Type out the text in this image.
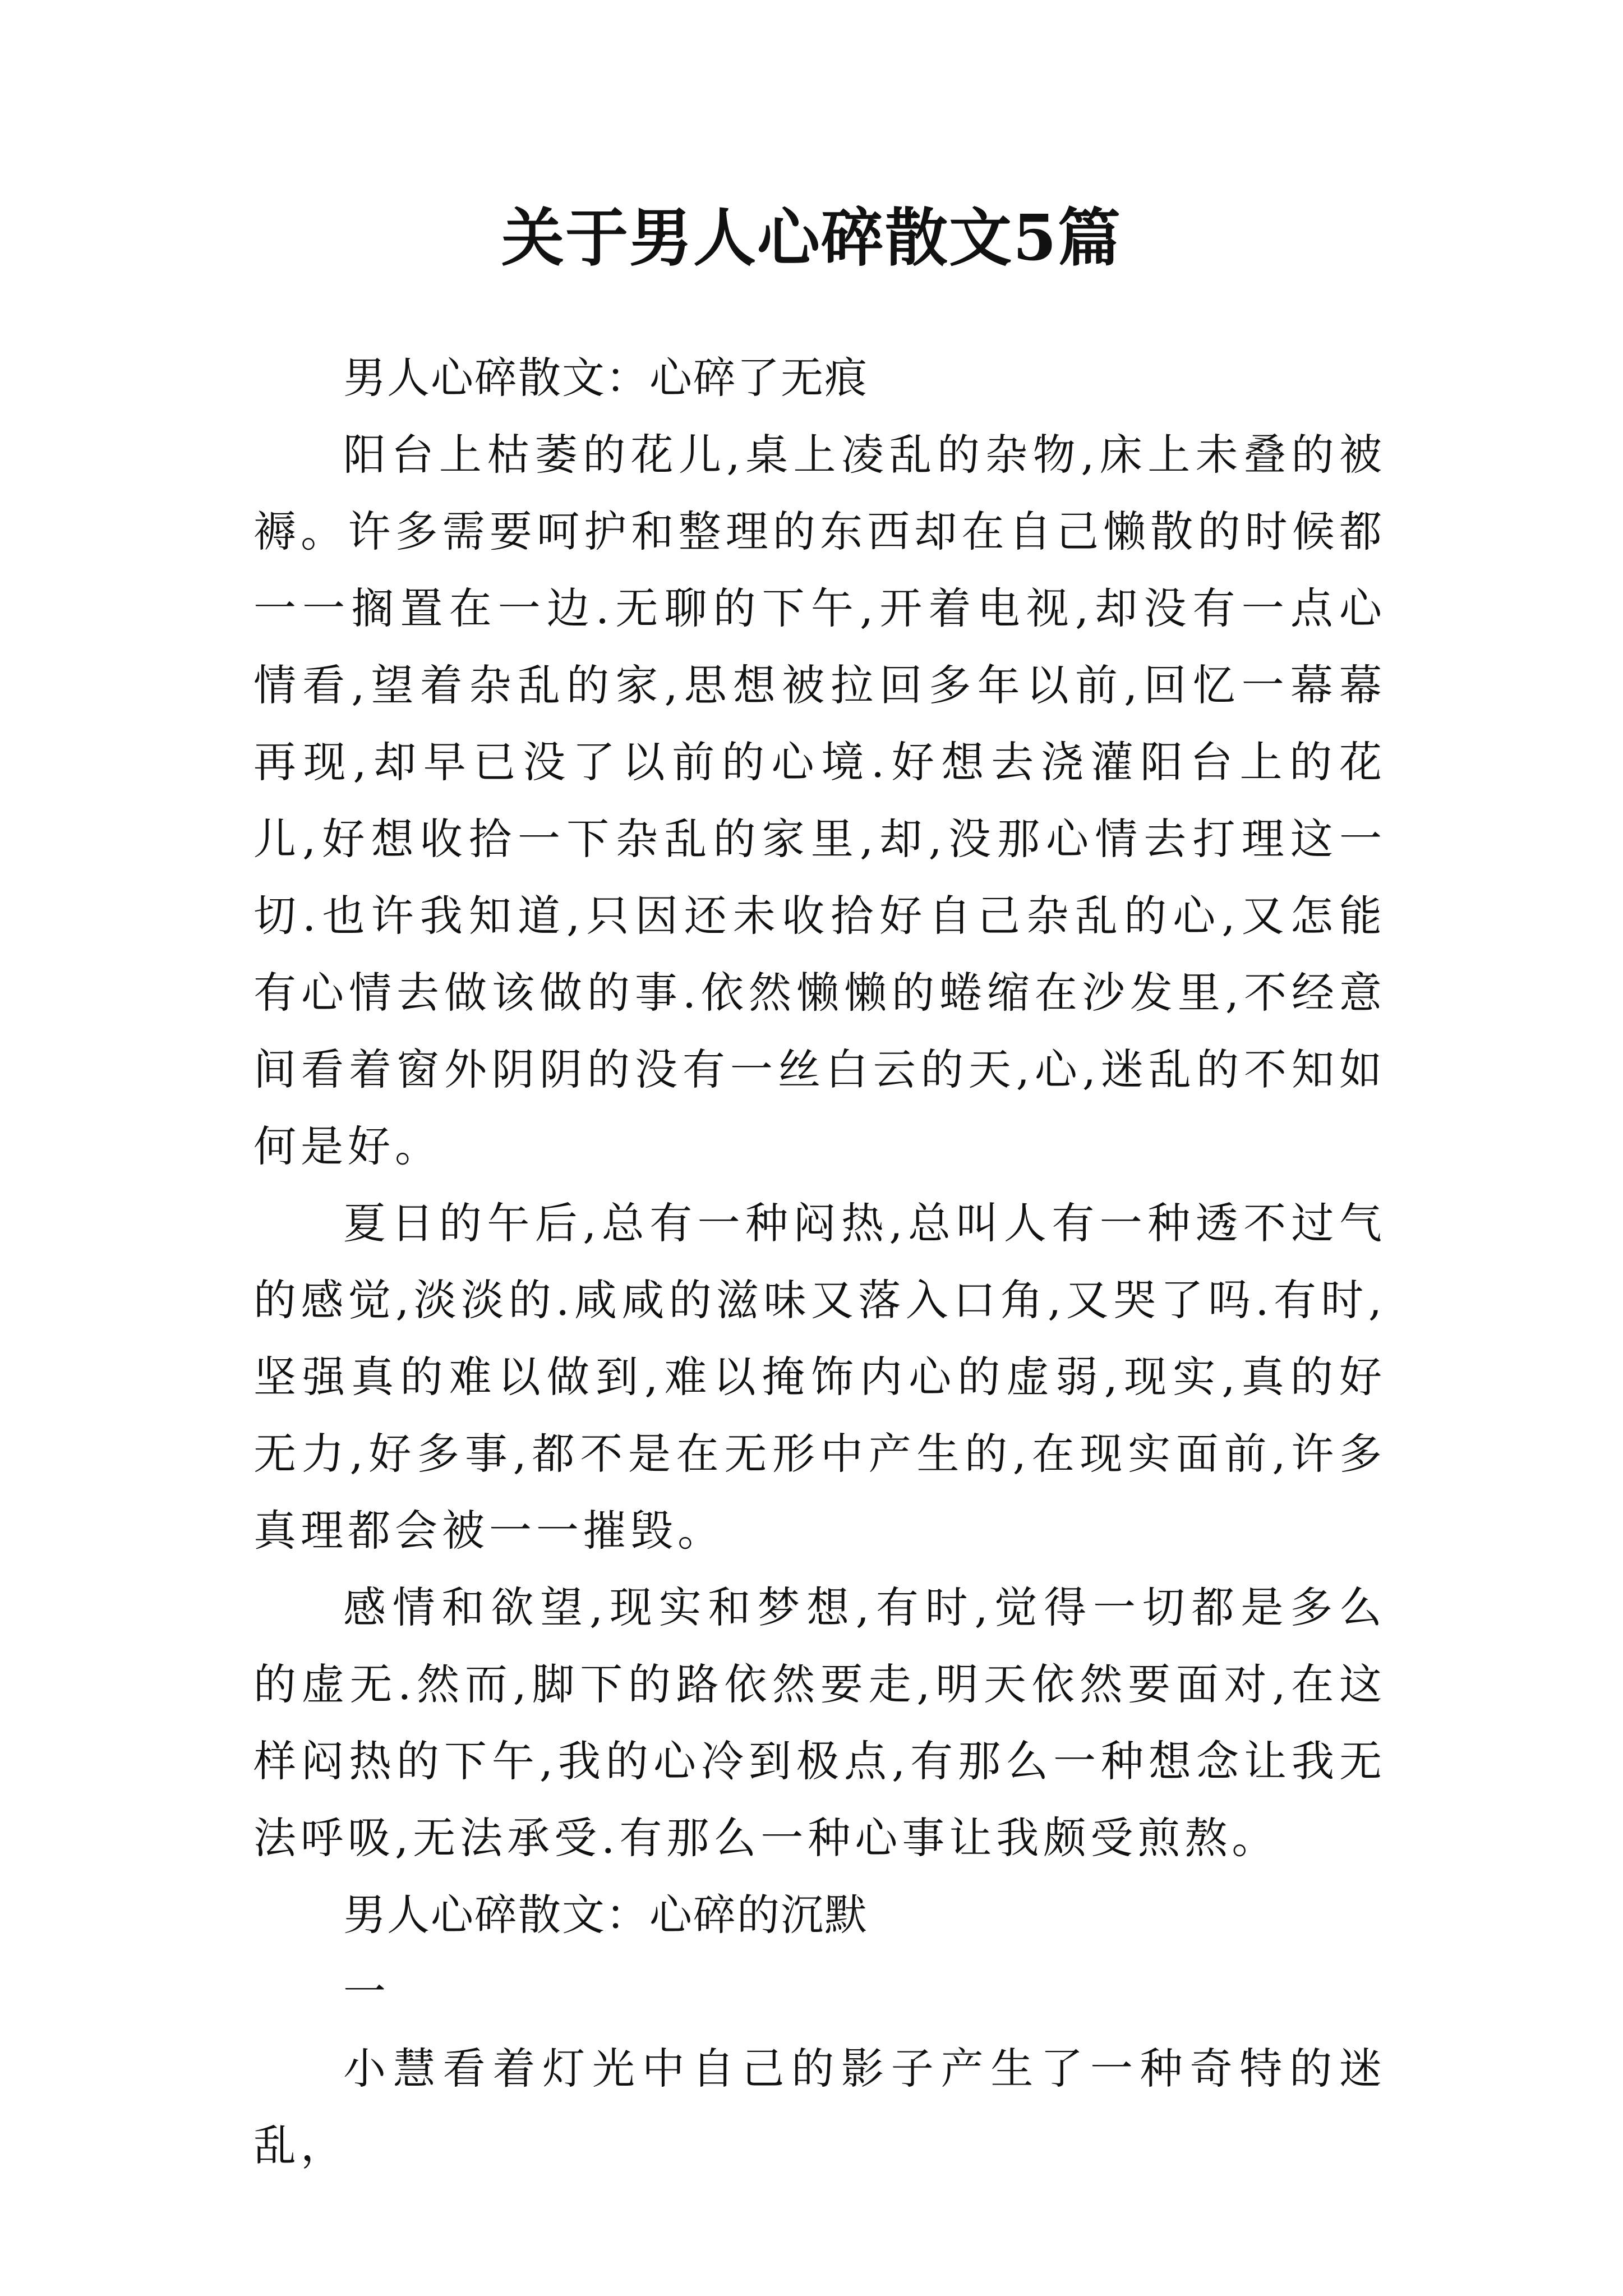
关于男人心碎散文5篇

男人心碎散文：心碎了无痕

阳台上枯萎的花儿,桌上凌乱的杂物,床上未叠的被褥。许多需要呵护和整理的东西却在自己懒散的时候都一一搁置在一边.无聊的下午,开着电视,却没有一点心情看,望着杂乱的家,思想被拉回多年以前,回忆一幕幕再现,却早已没了以前的心境.好想去浇灌阳台上的花儿,好想收拾一下杂乱的家里,却,没那心情去打理这一切.也许我知道,只因还未收拾好自己杂乱的心,又怎能有心情去做该做的事.依然懒懒的蜷缩在沙发里,不经意间看着窗外阴阴的没有一丝白云的天,心,迷乱的不知如何是好。

夏日的午后,总有一种闷热,总叫人有一种透不过气的感觉,淡淡的.咸咸的滋味又落入口角,又哭了吗.有时,坚强真的难以做到,难以掩饰内心的虚弱,现实,真的好无力,好多事,都不是在无形中产生的,在现实面前,许多真理都会被一一摧毁。

感情和欲望,现实和梦想,有时,觉得一切都是多么的虚无.然而,脚下的路依然要走,明天依然要面对,在这样闷热的下午,我的心冷到极点,有那么一种想念让我无法呼吸,无法承受.有那么一种心事让我颇受煎熬。

男人心碎散文：心碎的沉默

一

小慧看着灯光中自己的影子产生了一种奇特的迷乱，
